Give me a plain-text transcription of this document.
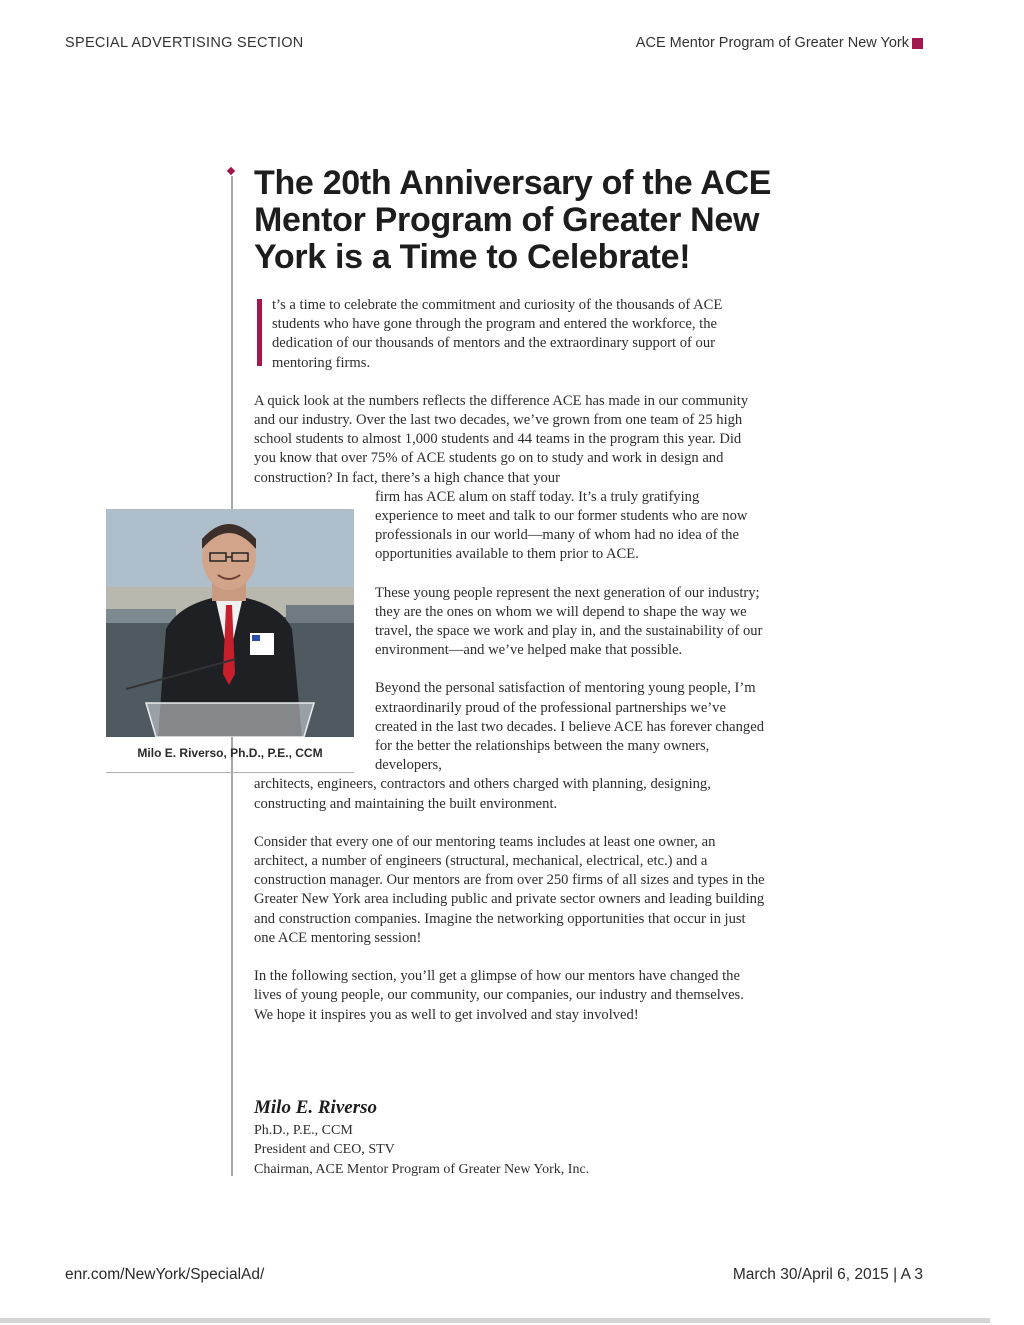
SPECIAL ADVERTISING SECTION	ACE Mentor Program of Greater New York
The 20th Anniversary of the ACE Mentor Program of Greater New York is a Time to Celebrate!

t’s a time to celebrate the commitment and curiosity of the thousands of ACE students who have gone through the program and entered the workforce, the dedication of our thousands of mentors and the extraordinary support of our mentoring firms.

A quick look at the numbers reflects the difference ACE has made in our community and our industry. Over the last two decades, we’ve grown from one team of 25 high school students to almost 1,000 students and 44 teams in the program this year. Did you know that over 75% of ACE students go on to study and work in design and construction? In fact, there’s a high chance that your

firm has ACE alum on staff today. It’s a truly gratifying experience to meet and talk to our former students who are now professionals in our world—many of whom had no idea of the opportunities available to them prior to ACE.

These young people represent the next generation of our industry; they are the ones on whom we will depend to shape the way we travel, the space we work and play in, and the sustainability of our environment—and we’ve helped make that possible.

Beyond the personal satisfaction of mentoring young people, I’m extraordinarily proud of the professional partnerships we’ve created in the last two decades. I believe ACE has forever changed for the better the relationships between the many owners, developers,

architects, engineers, contractors and others charged with planning, designing, constructing and maintaining the built environment.

Consider that every one of our mentoring teams includes at least one owner, an architect, a number of engineers (structural, mechanical, electrical, etc.) and a construction manager. Our mentors are from over 250 firms of all sizes and types in the Greater New York area including public and private sector owners and leading building and construction companies. Imagine the networking opportunities that occur in just one ACE mentoring session!

In the following section, you’ll get a glimpse of how our mentors have changed the lives of young people, our community, our companies, our industry and themselves. We hope it inspires you as well to get involved and stay involved!

Milo E. Riverso, Ph.D., P.E., CCM
Milo E. Riverso
Ph.D., P.E., CCM
President and CEO, STV
Chairman, ACE Mentor Program of Greater New York, Inc.
enr.com/NewYork/SpecialAd/	March 30/April 6, 2015 | A 3
